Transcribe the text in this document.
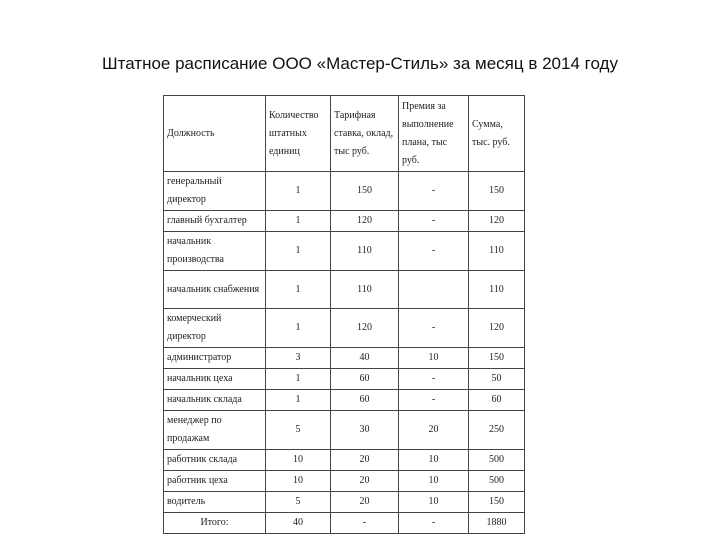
Штатное расписание ООО «Мастер-Стиль» за месяц в 2014 году
Должность	Количество штатных единиц	Тарифная ставка, оклад, тыс руб.	Премия за выполнение плана, тыс руб.	Сумма, тыс. руб.
генеральный директор	1	150	-	150
главный бухгалтер	1	120	-	120
начальник производства	1	110	-	110
начальник снабжения	1	110		110
комерческий директор	1	120	-	120
администратор	3	40	10	150
начальник цеха	1	60	-	50
начальник склада	1	60	-	60
менеджер по продажам	5	30	20	250
работник склада	10	20	10	500
работник цеха	10	20	10	500
водитель	5	20	10	150
Итого:	40	-	-	1880
